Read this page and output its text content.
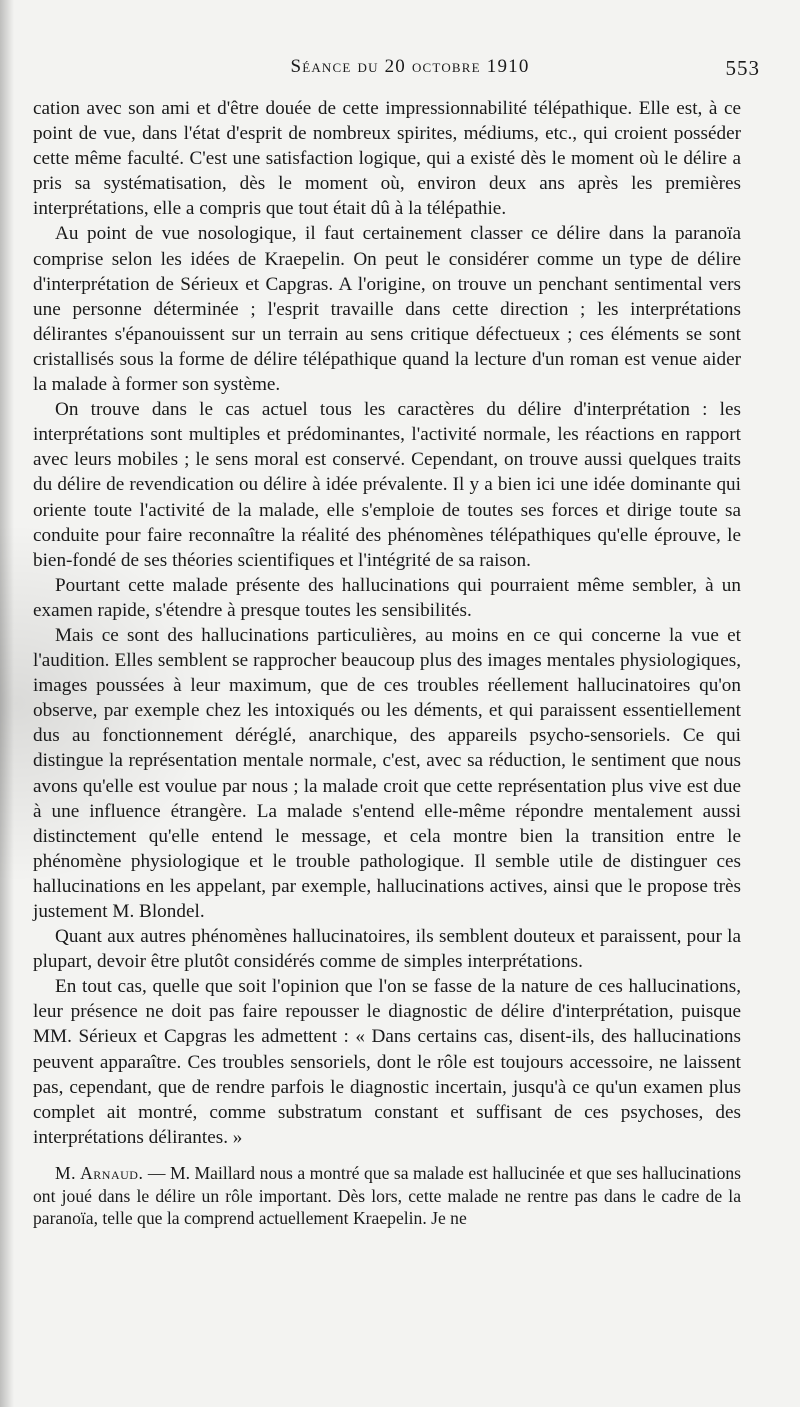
Séance du 20 octobre 1910	553

cation avec son ami et d'être douée de cette impressionnabilité télépathique. Elle est, à ce point de vue, dans l'état d'esprit de nombreux spirites, médiums, etc., qui croient posséder cette même faculté. C'est une satisfaction logique, qui a existé dès le moment où le délire a pris sa systématisation, dès le moment où, environ deux ans après les premières interprétations, elle a compris que tout était dû à la télépathie.

Au point de vue nosologique, il faut certainement classer ce délire dans la paranoïa comprise selon les idées de Kraepelin. On peut le considérer comme un type de délire d'interprétation de Sérieux et Capgras. A l'origine, on trouve un penchant sentimental vers une personne déterminée ; l'esprit travaille dans cette direction ; les interprétations délirantes s'épanouissent sur un terrain au sens critique défectueux ; ces éléments se sont cristallisés sous la forme de délire télépathique quand la lecture d'un roman est venue aider la malade à former son système.

On trouve dans le cas actuel tous les caractères du délire d'interprétation : les interprétations sont multiples et prédominantes, l'activité normale, les réactions en rapport avec leurs mobiles ; le sens moral est conservé. Cependant, on trouve aussi quelques traits du délire de revendication ou délire à idée prévalente. Il y a bien ici une idée dominante qui oriente toute l'activité de la malade, elle s'emploie de toutes ses forces et dirige toute sa conduite pour faire reconnaître la réalité des phénomènes télépathiques qu'elle éprouve, le bien-fondé de ses théories scientifiques et l'intégrité de sa raison.

Pourtant cette malade présente des hallucinations qui pourraient même sembler, à un examen rapide, s'étendre à presque toutes les sensibilités.

Mais ce sont des hallucinations particulières, au moins en ce qui concerne la vue et l'audition. Elles semblent se rapprocher beaucoup plus des images mentales physiologiques, images poussées à leur maximum, que de ces troubles réellement hallucinatoires qu'on observe, par exemple chez les intoxiqués ou les déments, et qui paraissent essentiellement dus au fonctionnement déréglé, anarchique, des appareils psycho-sensoriels. Ce qui distingue la représentation mentale normale, c'est, avec sa réduction, le sentiment que nous avons qu'elle est voulue par nous ; la malade croit que cette représentation plus vive est due à une influence étrangère. La malade s'entend elle-même répondre mentalement aussi distinctement qu'elle entend le message, et cela montre bien la transition entre le phénomène physiologique et le trouble pathologique. Il semble utile de distinguer ces hallucinations en les appelant, par exemple, hallucinations actives, ainsi que le propose très justement M. Blondel.

Quant aux autres phénomènes hallucinatoires, ils semblent douteux et paraissent, pour la plupart, devoir être plutôt considérés comme de simples interprétations.

En tout cas, quelle que soit l'opinion que l'on se fasse de la nature de ces hallucinations, leur présence ne doit pas faire repousser le diagnostic de délire d'interprétation, puisque MM. Sérieux et Capgras les admettent : « Dans certains cas, disent-ils, des hallucinations peuvent apparaître. Ces troubles sensoriels, dont le rôle est toujours accessoire, ne laissent pas, cependant, que de rendre parfois le diagnostic incertain, jusqu'à ce qu'un examen plus complet ait montré, comme substratum constant et suffisant de ces psychoses, des interprétations délirantes. »

M. Arnaud. — M. Maillard nous a montré que sa malade est hallucinée et que ses hallucinations ont joué dans le délire un rôle important. Dès lors, cette malade ne rentre pas dans le cadre de la paranoïa, telle que la comprend actuellement Kraepelin. Je ne
